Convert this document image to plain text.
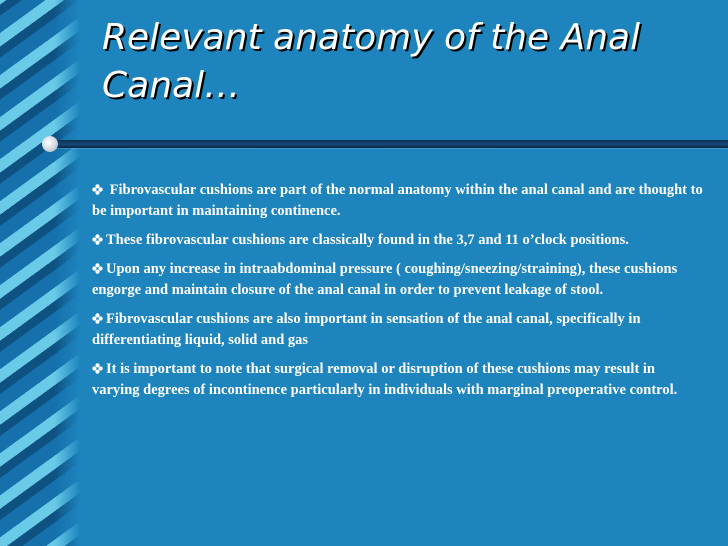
Relevant anatomy of the Anal Canal…
Fibrovascular cushions are part of the normal anatomy within the anal canal and are thought to be important in maintaining continence.
These fibrovascular cushions are classically found in the 3,7 and 11 o’clock positions.
Upon any increase in intraabdominal pressure ( coughing/sneezing/straining), these cushions engorge and maintain closure of the anal canal in order to prevent leakage of stool.
Fibrovascular cushions are also important in sensation of the anal canal, specifically in differentiating liquid, solid and gas
It is important to note that surgical removal or disruption of these cushions may result in varying degrees of incontinence particularly in individuals with marginal preoperative control.
